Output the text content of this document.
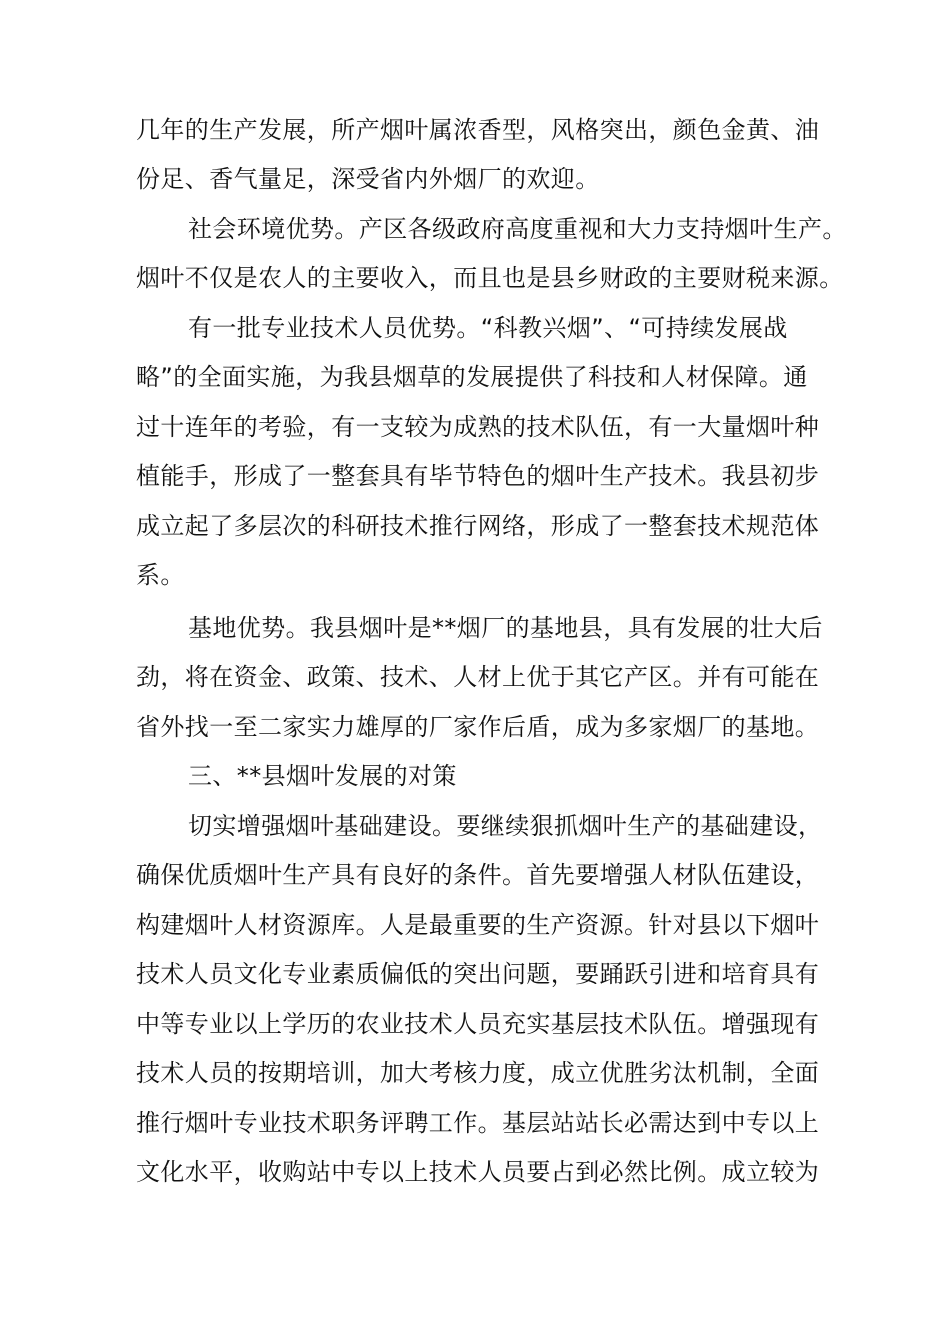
几年的生产发展，所产烟叶属浓香型，风格突出，颜色金黄、油
份足、香气量足，深受省内外烟厂的欢迎。
社会环境优势。产区各级政府高度重视和大力支持烟叶生产。
烟叶不仅是农人的主要收入，而且也是县乡财政的主要财税来源。
有一批专业技术人员优势。“科教兴烟”、“可持续发展战
略”的全面实施，为我县烟草的发展提供了科技和人材保障。通
过十连年的考验，有一支较为成熟的技术队伍，有一大量烟叶种
植能手，形成了一整套具有毕节特色的烟叶生产技术。我县初步
成立起了多层次的科研技术推行网络，形成了一整套技术规范体
系。
基地优势。我县烟叶是**烟厂的基地县，具有发展的壮大后
劲，将在资金、政策、技术、人材上优于其它产区。并有可能在
省外找一至二家实力雄厚的厂家作后盾，成为多家烟厂的基地。
三、**县烟叶发展的对策
切实增强烟叶基础建设。要继续狠抓烟叶生产的基础建设，
确保优质烟叶生产具有良好的条件。首先要增强人材队伍建设，
构建烟叶人材资源库。人是最重要的生产资源。针对县以下烟叶
技术人员文化专业素质偏低的突出问题，要踊跃引进和培育具有
中等专业以上学历的农业技术人员充实基层技术队伍。增强现有
技术人员的按期培训，加大考核力度，成立优胜劣汰机制，全面
推行烟叶专业技术职务评聘工作。基层站站长必需达到中专以上
文化水平，收购站中专以上技术人员要占到必然比例。成立较为
